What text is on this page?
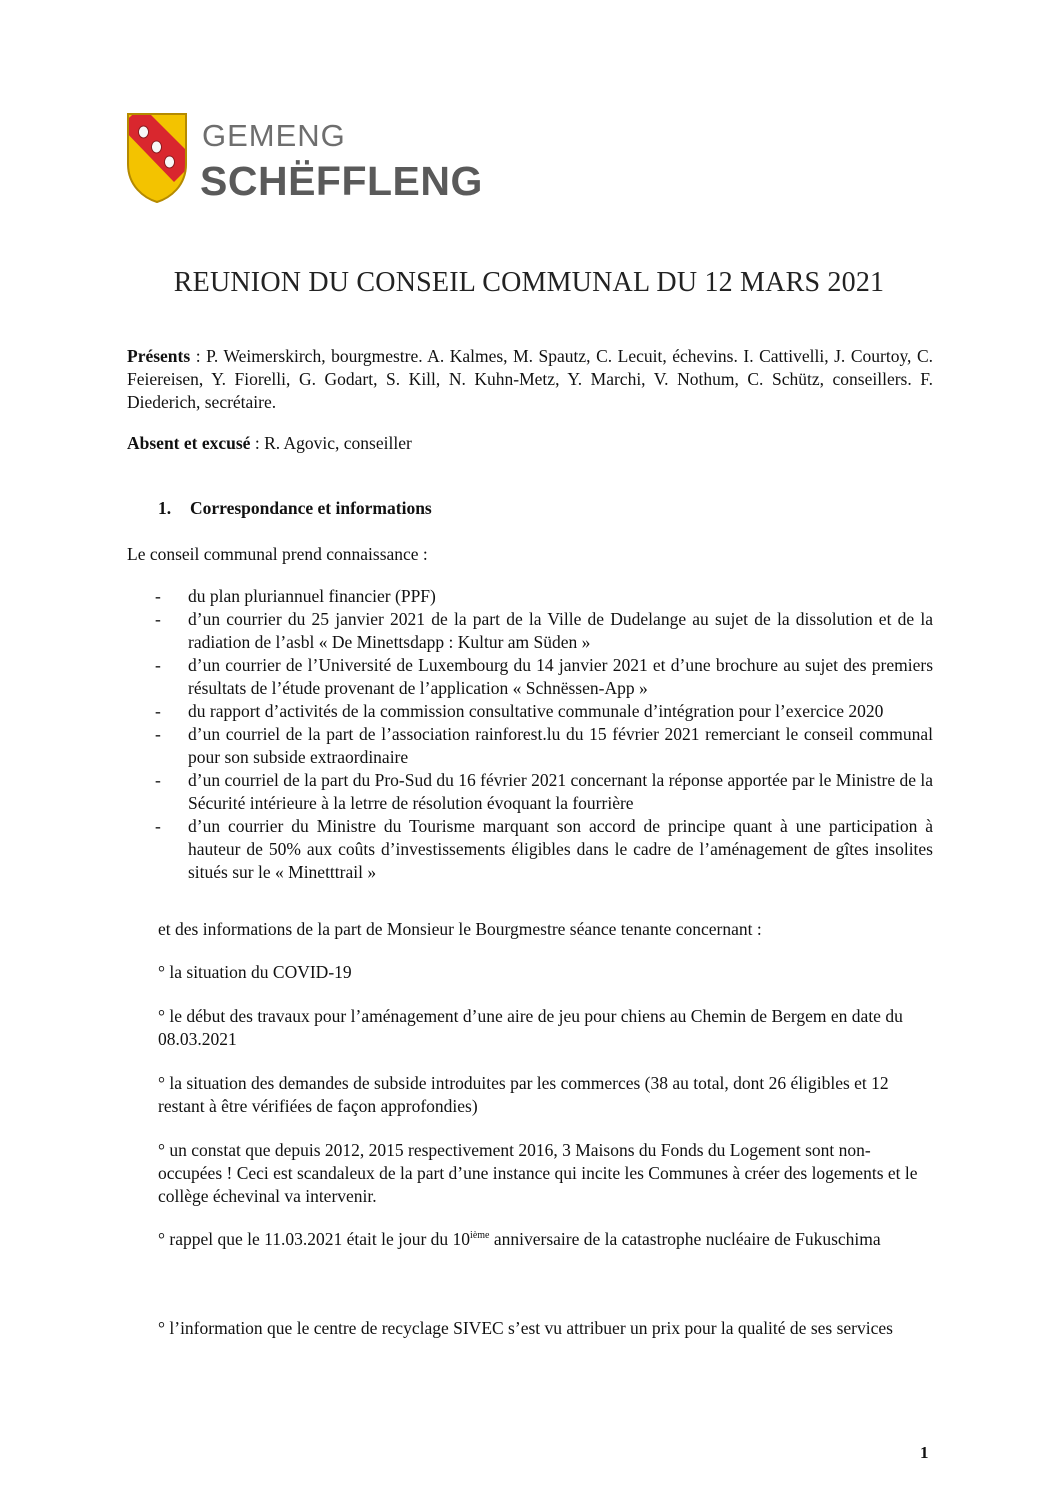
GEMENG
SCHËFFLENG
REUNION DU CONSEIL COMMUNAL DU 12 MARS 2021
Présents : P. Weimerskirch, bourgmestre. A. Kalmes, M. Spautz, C. Lecuit, échevins. I. Cattivelli, J. Courtoy, C. Feiereisen, Y. Fiorelli, G. Godart, S. Kill, N. Kuhn-Metz, Y. Marchi, V. Nothum, C. Schütz, conseillers. F. Diederich, secrétaire.
Absent et excusé : R. Agovic, conseiller
1. Correspondance et informations
Le conseil communal prend connaissance :
- du plan pluriannuel financier (PPF)
- d’un courrier du 25 janvier 2021 de la part de la Ville de Dudelange au sujet de la dissolution et de la radiation de l’asbl « De Minettsdapp : Kultur am Süden »
- d’un courrier de l’Université de Luxembourg du 14 janvier 2021 et d’une brochure au sujet des premiers résultats de l’étude provenant de l’application « Schnëssen-App »
- du rapport d’activités de la commission consultative communale d’intégration pour l’exercice 2020
- d’un courriel de la part de l’association rainforest.lu du 15 février 2021 remerciant le conseil communal pour son subside extraordinaire
- d’un courriel de la part du Pro-Sud du 16 février 2021 concernant la réponse apportée par le Ministre de la Sécurité intérieure à la letrre de résolution évoquant la fourrière
- d’un courrier du Ministre du Tourisme marquant son accord de principe quant à une participation à hauteur de 50% aux coûts d’investissements éligibles dans le cadre de l’aménagement de gîtes insolites situés sur le « Minetttrail »
et des informations de la part de Monsieur le Bourgmestre séance tenante concernant :
° la situation du COVID-19
° le début des travaux pour l’aménagement d’une aire de jeu pour chiens au Chemin de Bergem en date du 08.03.2021
° la situation des demandes de subside introduites par les commerces (38 au total, dont 26 éligibles et 12 restant à être vérifiées de façon approfondies)
° un constat que depuis 2012, 2015 respectivement 2016, 3 Maisons du Fonds du Logement sont non-occupées ! Ceci est scandaleux de la part d’une instance qui incite les Communes à créer des logements et le collège échevinal va intervenir.
° rappel que le 11.03.2021 était le jour du 10ième anniversaire de la catastrophe nucléaire de Fukuschima
° l’information que le centre de recyclage SIVEC s’est vu attribuer un prix pour la qualité de ses services
1
